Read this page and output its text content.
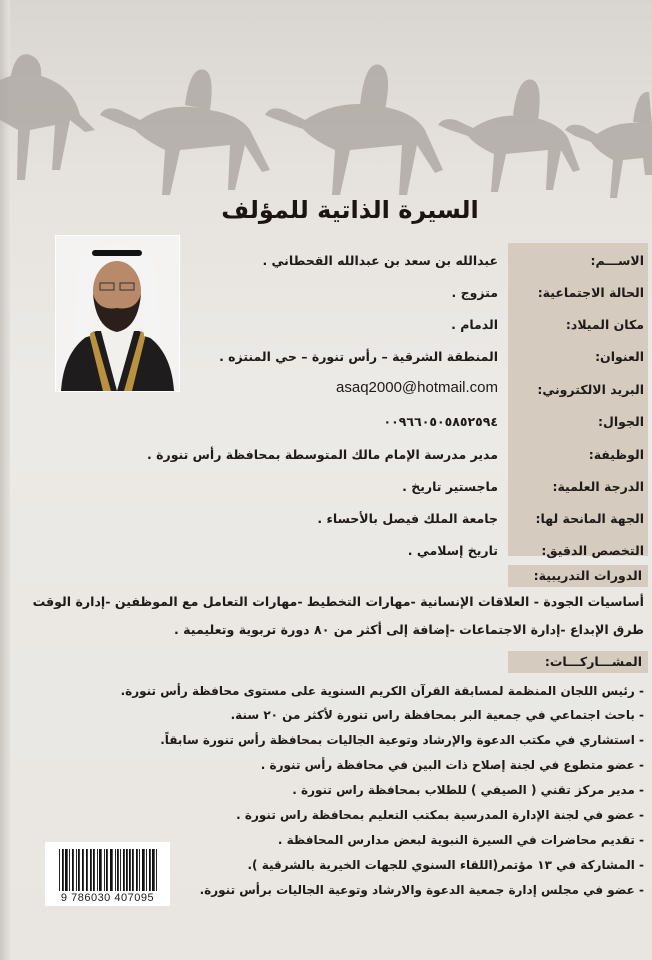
السيرة الذاتية للمؤلف
الاســـم:
عبدالله بن سعد بن عبدالله القحطاني .
الحالة الاجتماعية:
متزوج .
مكان الميلاد:
الدمام .
العنوان:
المنطقة الشرقية – رأس تنورة – حي المنتزه .
البريد الالكتروني:
asaq2000@hotmail.com
الجوال:
٠٠٩٦٦٠٥٠٥٨٥٢٥٩٤
الوظيفة:
مدير مدرسة الإمام مالك المتوسطة بمحافظة رأس تنورة .
الدرجة العلمية:
ماجستير تاريخ .
الجهة المانحة لها:
جامعة الملك فيصل بالأحساء .
التخصص الدقيق:
تاريخ إسلامي .
الدورات التدريبية:
أساسيات الجودة - العلاقات الإنسانية -مهارات التخطيط -مهارات التعامل مع الموظفين -إدارة الوقت
طرق الإبداع -إدارة الاجتماعات -إضافة إلى أكثر من ٨٠ دورة تربوية وتعليمية .
المشـــاركـــات:
- رئيس اللجان المنظمة لمسابقة القرآن الكريم السنوية على مستوى محافظة رأس تنورة.
- باحث اجتماعي في جمعية البر بمحافظة راس تنورة لأكثر من ٢٠ سنة.
- استشاري في مكتب الدعوة والإرشاد وتوعية الجاليات بمحافظة رأس تنورة سابقاً.
- عضو متطوع في لجنة إصلاح ذات البين في محافظة رأس تنورة .
- مدير مركز تقني ( الصيفي ) للطلاب بمحافظة راس تنورة .
- عضو في لجنة الإدارة المدرسية بمكتب التعليم بمحافظة راس تنورة .
- تقديم محاضرات في السيرة النبوية لبعض مدارس المحافظة .
- المشاركة في ١٣ مؤتمر(اللقاء السنوي للجهات الخيرية بالشرقية ).
- عضو في مجلس إدارة جمعية الدعوة والارشاد وتوعية الجاليات برأس تنورة.
9 786030 407095
